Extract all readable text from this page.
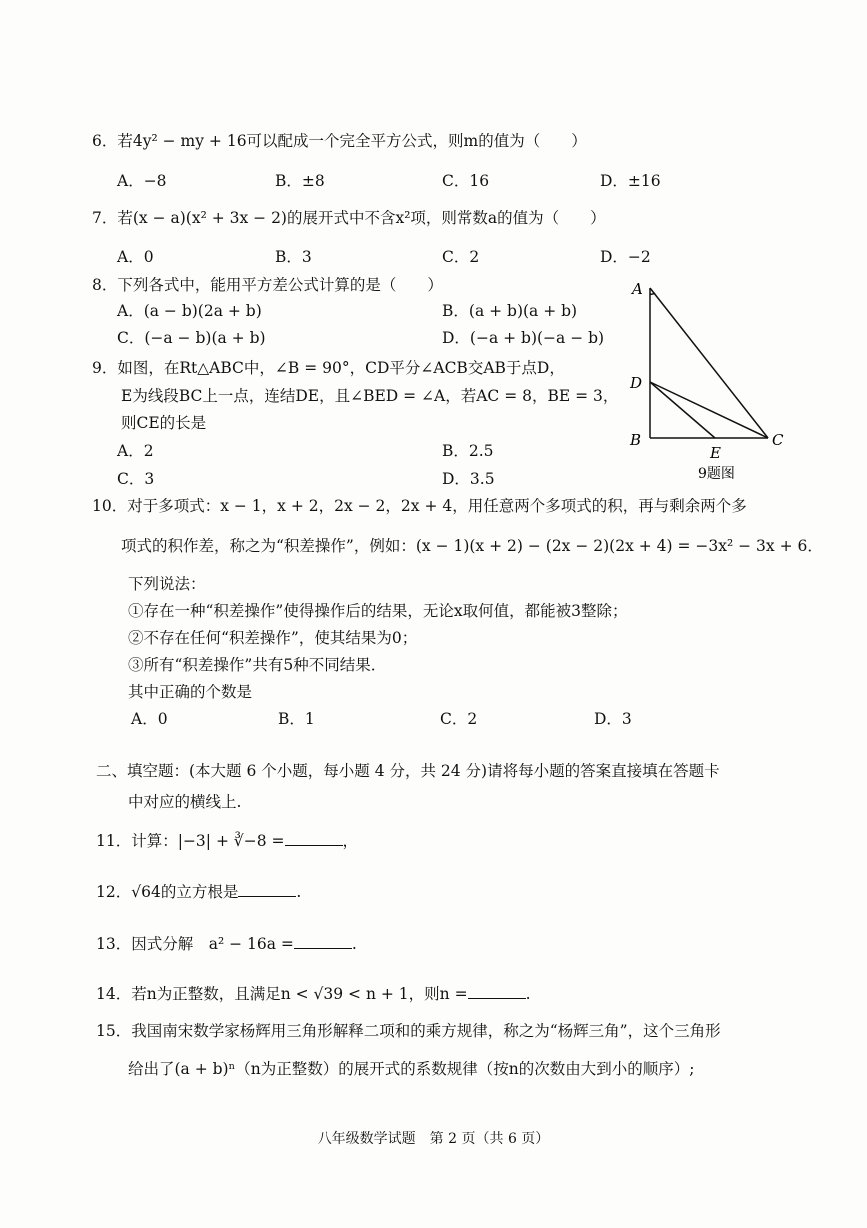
6．若4y² − my + 16可以配成一个完全平方公式，则m的值为（　　）
A．−8	B．±8	C．16	D．±16
7．若(x − a)(x² + 3x − 2)的展开式中不含x²项，则常数a的值为（　　）
A．0	B．3	C．2	D．−2
8．下列各式中，能用平方差公式计算的是（　　）
A．(a − b)(2a + b)	B．(a + b)(a + b)
C．(−a − b)(a + b)	D．(−a + b)(−a − b)
9．如图，在Rt△ABC中，∠B = 90°，CD平分∠ACB交AB于点D，
E为线段BC上一点，连结DE，且∠BED = ∠A，若AC = 8，BE = 3，
则CE的长是
A．2	B．2.5
C．3	D．3.5
A
D
B	C
E
9题图
10．对于多项式：x − 1，x + 2，2x − 2，2x + 4，用任意两个多项式的积，再与剩余两个多
项式的积作差，称之为“积差操作”，例如：(x − 1)(x + 2) − (2x − 2)(2x + 4) = −3x² − 3x + 6．
下列说法：
①存在一种“积差操作”使得操作后的结果，无论x取何值，都能被3整除；
②不存在任何“积差操作”，使其结果为0；
③所有“积差操作”共有5种不同结果．
其中正确的个数是
A．0	B．1	C．2	D．3
二、填空题：(本大题 6 个小题，每小题 4 分，共 24 分)请将每小题的答案直接填在答题卡
中对应的横线上.
11．计算：|−3| + ∛−8 =	，
12．√64的立方根是	.
13．因式分解　a² − 16a =	.
14．若n为正整数，且满足n < √39 < n + 1，则n =	.
15．我国南宋数学家杨辉用三角形解释二项和的乘方规律，称之为“杨辉三角”，这个三角形
给出了(a + b)ⁿ（n为正整数）的展开式的系数规律（按n的次数由大到小的顺序）;
八年级数学试题　第 2 页（共 6 页）
